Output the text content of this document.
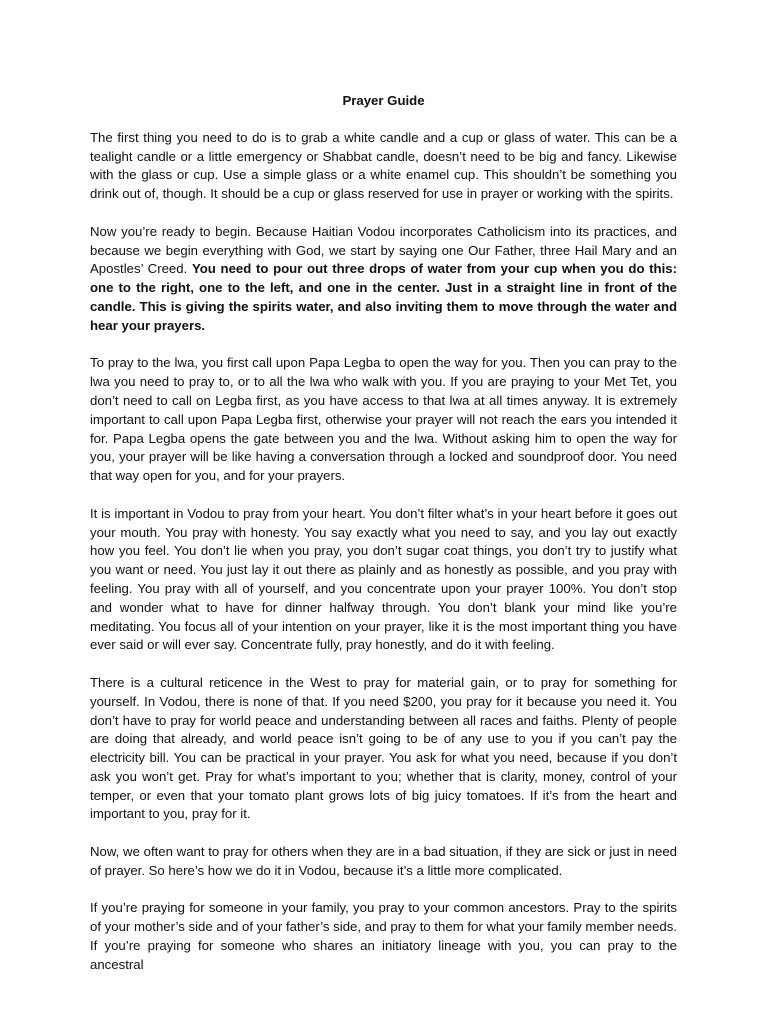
Prayer Guide

The first thing you need to do is to grab a white candle and a cup or glass of water. This can be a tealight candle or a little emergency or Shabbat candle, doesn’t need to be big and fancy. Likewise with the glass or cup. Use a simple glass or a white enamel cup. This shouldn’t be something you drink out of, though. It should be a cup or glass reserved for use in prayer or working with the spirits.

Now you’re ready to begin. Because Haitian Vodou incorporates Catholicism into its practices, and because we begin everything with God, we start by saying one Our Father, three Hail Mary and an Apostles’ Creed. You need to pour out three drops of water from your cup when you do this: one to the right, one to the left, and one in the center. Just in a straight line in front of the candle. This is giving the spirits water, and also inviting them to move through the water and hear your prayers.

To pray to the lwa, you first call upon Papa Legba to open the way for you. Then you can pray to the lwa you need to pray to, or to all the lwa who walk with you. If you are praying to your Met Tet, you don’t need to call on Legba first, as you have access to that lwa at all times anyway. It is extremely important to call upon Papa Legba first, otherwise your prayer will not reach the ears you intended it for. Papa Legba opens the gate between you and the lwa. Without asking him to open the way for you, your prayer will be like having a conversation through a locked and soundproof door. You need that way open for you, and for your prayers.

It is important in Vodou to pray from your heart. You don’t filter what’s in your heart before it goes out your mouth. You pray with honesty. You say exactly what you need to say, and you lay out exactly how you feel. You don’t lie when you pray, you don’t sugar coat things, you don’t try to justify what you want or need. You just lay it out there as plainly and as honestly as possible, and you pray with feeling. You pray with all of yourself, and you concentrate upon your prayer 100%. You don’t stop and wonder what to have for dinner halfway through. You don’t blank your mind like you’re meditating. You focus all of your intention on your prayer, like it is the most important thing you have ever said or will ever say. Concentrate fully, pray honestly, and do it with feeling.

There is a cultural reticence in the West to pray for material gain, or to pray for something for yourself. In Vodou, there is none of that. If you need $200, you pray for it because you need it. You don’t have to pray for world peace and understanding between all races and faiths. Plenty of people are doing that already, and world peace isn’t going to be of any use to you if you can’t pay the electricity bill. You can be practical in your prayer. You ask for what you need, because if you don’t ask you won’t get. Pray for what’s important to you; whether that is clarity, money, control of your temper, or even that your tomato plant grows lots of big juicy tomatoes. If it’s from the heart and important to you, pray for it.

Now, we often want to pray for others when they are in a bad situation, if they are sick or just in need of prayer. So here’s how we do it in Vodou, because it’s a little more complicated.

If you’re praying for someone in your family, you pray to your common ancestors. Pray to the spirits of your mother’s side and of your father’s side, and pray to them for what your family member needs. If you’re praying for someone who shares an initiatory lineage with you, you can pray to the ancestral
